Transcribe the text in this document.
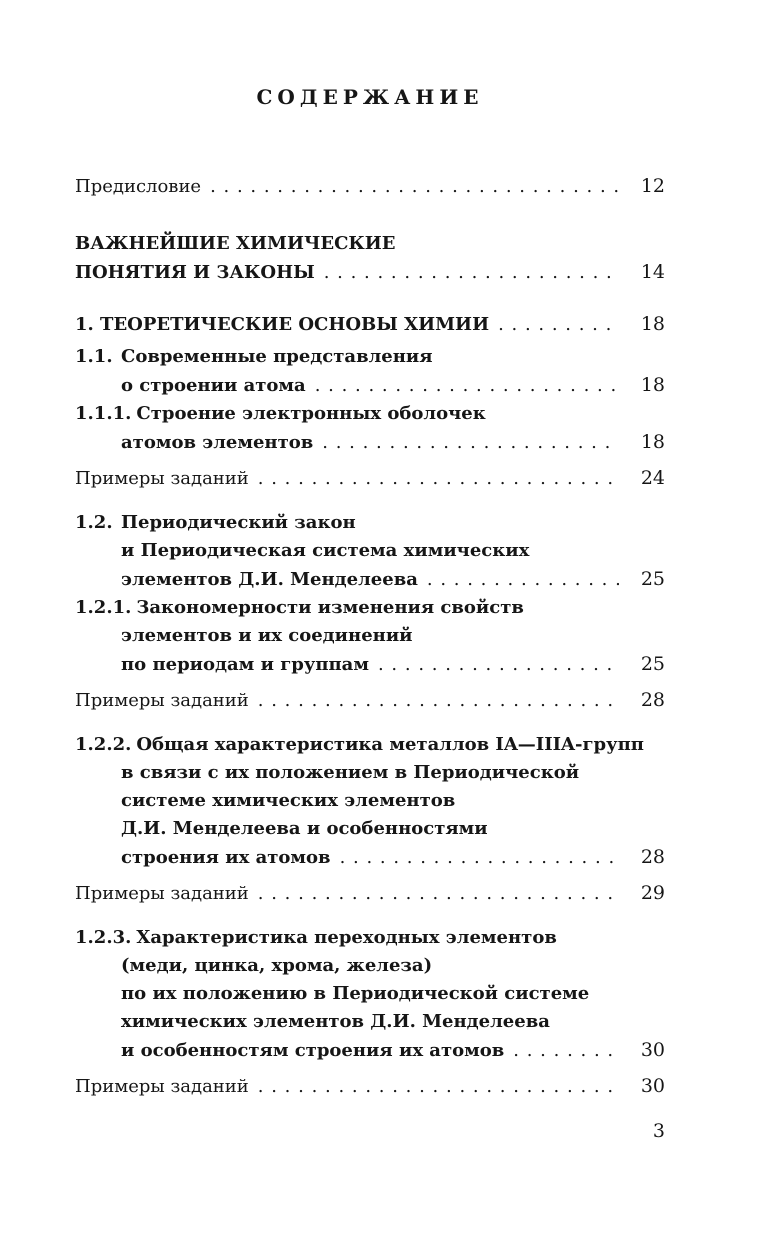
СОДЕРЖАНИЕ
Предисловие . . .	12
ВАЖНЕЙШИЕ ХИМИЧЕСКИЕ
ПОНЯТИЯ И ЗАКОНЫ . . .	14
1. ТЕОРЕТИЧЕСКИЕ ОСНОВЫ ХИМИИ . . .	18
1.1. Современные представления
о строении атома . . .	18
1.1.1. Строение электронных оболочек
атомов элементов . . .	18
Примеры заданий . . .	24
1.2. Периодический закон
и Периодическая система химических
элементов Д.И. Менделеева . . .	25
1.2.1. Закономерности изменения свойств
элементов и их соединений
по периодам и группам . . .	25
Примеры заданий . . .	28
1.2.2. Общая характеристика металлов IA—IIIA-групп
в связи с их положением в Периодической
системе химических элементов
Д.И. Менделеева и особенностями
строения их атомов . . .	28
Примеры заданий . . .	29
1.2.3. Характеристика переходных элементов
(меди, цинка, хрома, железа)
по их положению в Периодической системе
химических элементов Д.И. Менделеева
и особенностям строения их атомов . . .	30
Примеры заданий . . .	30
3
